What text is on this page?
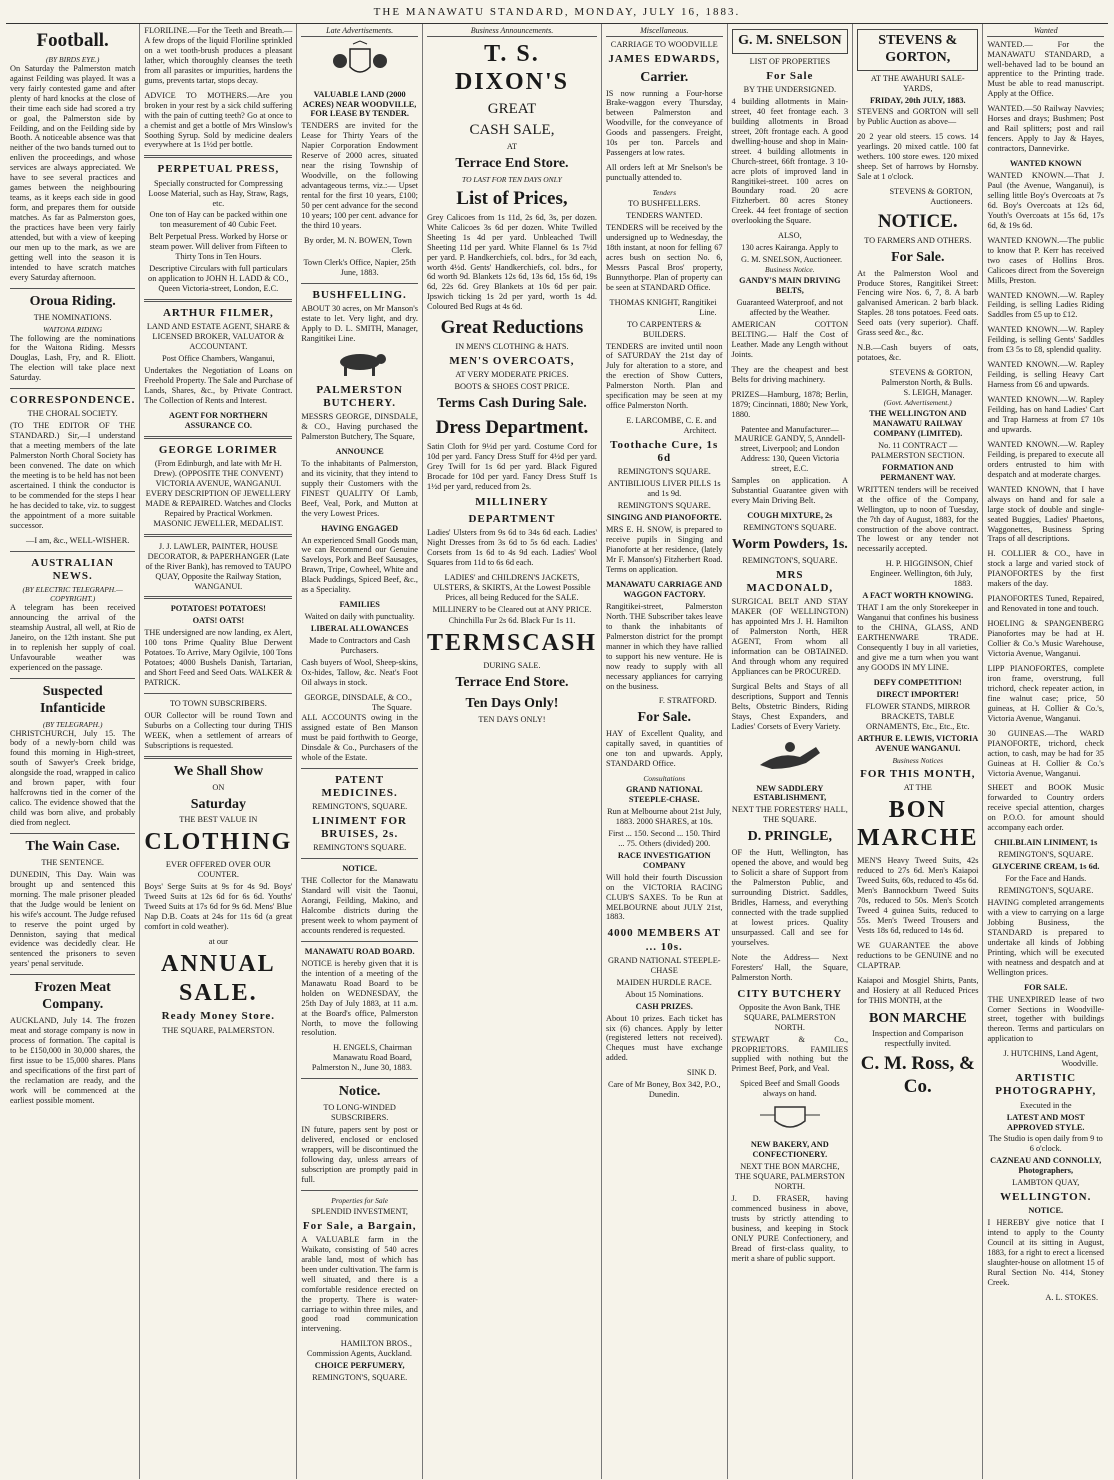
THE MANAWATU STANDARD, MONDAY, JULY 16, 1883.
Football.
(BY BIRDS EYE.)
On Saturday the Palmerston match against Feilding was played. It was a very fairly contested game and after plenty of hard knocks at the close of their time each side had scored a try or goal, the Palmerston side by Feilding, and on the Feilding side by Booth. A noticeable absence was that neither of the two bands turned out to enliven the proceedings, and whose services are always appreciated. We have to see several practices and games between the neighbouring teams, as it keeps each side in good form, and prepares them for outside matches. As far as Palmerston goes, the practices have been very fairly attended, but with a view of keeping our men up to the mark, as we are getting well into the season it is intended to have scratch matches every Saturday afternoon.
Oroua Riding.
THE NOMINATIONS.
WAITONA RIDING
The following are the nominations for the Waitona Riding. Messrs Douglas, Lash, Fry, and R. Eliott. The election will take place next Saturday.
CORRESPONDENCE.
THE CHORAL SOCIETY.
(TO THE EDITOR OF THE STANDARD.) Sir,—I understand that a meeting members of the late Palmerston North Choral Society has been convened. The date on which the meeting is to be held has not been ascertained. I think the conductor is to be commended for the steps I hear he has decided to take, viz. to suggest the appointment of a more suitable successor.
—I am, &c., WELL-WISHER.
AUSTRALIAN NEWS.
(BY ELECTRIC TELEGRAPH.—COPYRIGHT.)
A telegram has been received announcing the arrival of the steamship Austral, all well, at Rio de Janeiro, on the 12th instant. She put in to replenish her supply of coal. Unfavourable weather was experienced on the passage.
Suspected Infanticide
(BY TELEGRAPH.)
CHRISTCHURCH, July 15. The body of a newly-born child was found this morning in High-street, south of Sawyer's Creek bridge, alongside the road, wrapped in calico and brown paper, with four halfcrowns tied in the corner of the calico. The evidence showed that the child was born alive, and probably died from neglect.
The Wain Case.
THE SENTENCE.
DUNEDIN, This Day. Wain was brought up and sentenced this morning. The male prisoner pleaded that the Judge would be lenient on his wife's account. The Judge refused to reserve the point urged by Denniston, saying that medical evidence was decidedly clear. He sentenced the prisoners to seven years' penal servitude.
Frozen Meat Company.
AUCKLAND, July 14. The frozen meat and storage company is now in process of formation. The capital is to be £150,000 in 30,000 shares, the first issue to be 15,000 shares. Plans and specifications of the first part of the reclamation are ready, and the work will be commenced at the earliest possible moment.
FLORILINE.—For the Teeth and Breath.—A few drops of the liquid Floriline sprinkled on a wet tooth-brush produces a pleasant lather, which thoroughly cleanses the teeth from all parasites or impurities, hardens the gums, prevents tartar, stops decay.
ADVICE TO MOTHERS.—Are you broken in your rest by a sick child suffering with the pain of cutting teeth? Go at once to a chemist and get a bottle of Mrs Winslow's Soothing Syrup. Sold by medicine dealers everywhere at 1s 1½d per bottle.
PERPETUAL PRESS,
Specially constructed for Compressing Loose Material, such as Hay, Straw, Rags, etc.
One ton of Hay can be packed within one ton measurement of 40 Cubic Feet.
Belt Perpetual Press. Worked by Horse or steam power. Will deliver from Fifteen to Thirty Tons in Ten Hours.
Descriptive Circulars with full particulars on application to JOHN H. LADD & CO., Queen Victoria-street, London, E.C.
ARTHUR FILMER,
LAND AND ESTATE AGENT, SHARE & LICENSED BROKER, VALUATOR & ACCOUNTANT.
Post Office Chambers, Wanganui,
Undertakes the Negotiation of Loans on Freehold Property. The Sale and Purchase of Lands, Shares, &c., by Private Contract. The Collection of Rents and Interest.
AGENT FOR NORTHERN ASSURANCE CO.
GEORGE LORIMER
(From Edinburgh, and late with Mr H. Drew). (OPPOSITE THE CONVENT) VICTORIA AVENUE, WANGANUI. EVERY DESCRIPTION OF JEWELLERY MADE & REPAIRED. Watches and Clocks Repaired by Practical Workmen. MASONIC JEWELLER, MEDALIST.
J. J. LAWLER, PAINTER, HOUSE DECORATOR, & PAPERHANGER (Late of the River Bank), has removed to TAUPO QUAY, Opposite the Railway Station, WANGANUI.
POTATOES! POTATOES!
OATS! OATS!
THE undersigned are now landing, ex Alert, 100 tons Prime Quality Blue Derwent Potatoes. To Arrive, Mary Ogilvie, 100 Tons Potatoes; 4000 Bushels Danish, Tartarian, and Short Feed and Seed Oats. WALKER & PATRICK.
TO TOWN SUBSCRIBERS.
OUR Collector will be round Town and Suburbs on a Collecting tour during THIS WEEK, when a settlement of arrears of Subscriptions is requested.
We Shall Show
ON
Saturday
THE BEST VALUE IN
CLOTHING
EVER OFFERED OVER OUR COUNTER.
Boys' Serge Suits at 9s for 4s 9d. Boys' Tweed Suits at 12s 6d for 6s 6d. Youths' Tweed Suits at 17s 6d for 9s 6d. Mens' Blue Nap D.B. Coats at 24s for 11s 6d (a great comfort in cold weather).
at our
ANNUAL SALE.
Ready Money Store.
THE SQUARE, PALMERSTON.
Late Advertisements.
VALUABLE LAND (2000 ACRES) NEAR WOODVILLE, FOR LEASE BY TENDER.
TENDERS are invited for the Lease for Thirty Years of the Napier Corporation Endowment Reserve of 2000 acres, situated near the rising Township of Woodville, on the following advantageous terms, viz.:— Upset rental for the first 10 years, £100; 50 per cent advance for the second 10 years; 100 per cent. advance for the third 10 years.
By order, M. N. BOWEN, Town Clerk.
Town Clerk's Office, Napier, 25th June, 1883.
BUSHFELLING.
ABOUT 30 acres, on Mr Manson's estate to let. Very light, and dry. Apply to D. L. SMITH, Manager, Rangitikei Line.
PALMERSTON BUTCHERY.
MESSRS GEORGE, DINSDALE, & CO., Having purchased the Palmerston Butchery, The Square,
ANNOUNCE
To the inhabitants of Palmerston, and its vicinity, that they intend to supply their Customers with the FINEST QUALITY Of Lamb, Beef, Veal, Pork, and Mutton at the very Lowest Prices.
HAVING ENGAGED
An experienced Small Goods man, we can Recommend our Genuine Saveloys, Pork and Beef Sausages, Brawn, Tripe, Cowheel, White and Black Puddings, Spiced Beef, &c., as a Speciality.
FAMILIES
Waited on daily with punctuality.
LIBERAL ALLOWANCES
Made to Contractors and Cash Purchasers.
Cash buyers of Wool, Sheep-skins, Ox-hides, Tallow, &c. Neat's Foot Oil always in stock.
GEORGE, DINSDALE, & CO., The Square.
ALL ACCOUNTS owing in the assigned estate of Ben Manson must be paid forthwith to George, Dinsdale & Co., Purchasers of the whole of the Estate.
PATENT MEDICINES.
REMINGTON'S, SQUARE.
LINIMENT FOR BRUISES, 2s.
REMINGTON'S SQUARE.
NOTICE.
THE Collector for the Manawatu Standard will visit the Taonui, Aorangi, Feilding, Makino, and Halcombe districts during the present week to whom payment of accounts rendered is requested.
MANAWATU ROAD BOARD.
NOTICE is hereby given that it is the intention of a meeting of the Manawatu Road Board to be holden on WEDNESDAY, the 25th Day of July 1883, at 11 a.m. at the Board's office, Palmerston North, to move the following resolution.
H. ENGELS, Chairman Manawatu Road Board, Palmerston N., June 30, 1883.
Notice.
TO LONG-WINDED SUBSCRIBERS.
IN future, papers sent by post or delivered, enclosed or enclosed wrappers, will be discontinued the following day, unless arrears of subscription are promptly paid in full.
Properties for Sale
SPLENDID INVESTMENT,
For Sale, a Bargain,
A VALUABLE farm in the Waikato, consisting of 540 acres arable land, most of which has been under cultivation. The farm is well situated, and there is a comfortable residence erected on the property. There is water-carriage to within three miles, and good road communication intervening.
HAMILTON BROS., Commission Agents, Auckland.
CHOICE PERFUMERY,
REMINGTON'S, SQUARE.
Business Announcements.
T. S. DIXON'S
GREAT
CASH SALE,
AT
Terrace End Store.
TO LAST FOR TEN DAYS ONLY
List of Prices,
Grey Calicoes from 1s 11d, 2s 6d, 3s, per dozen. White Calicoes 3s 6d per dozen. White Twilled Sheeting 1s 4d per yard. Unbleached Twill Sheeting 11d per yard. White Flannel 6s 1s 7½d per yard. P. Handkerchiefs, col. bdrs., for 3d each, worth 4½d. Gents' Handkerchiefs, col. bdrs., for 6d worth 9d. Blankets 12s 6d, 13s 6d, 15s 6d, 19s 6d, 22s 6d. Grey Blankets at 10s 6d per pair. Ipswich ticking 1s 2d per yard, worth 1s 4d. Coloured Bed Rugs at 4s 6d.
Great Reductions
IN MEN'S CLOTHING & HATS.
MEN'S OVERCOATS,
AT VERY MODERATE PRICES.
BOOTS & SHOES COST PRICE.
Terms Cash During Sale.
Dress Department.
Satin Cloth for 9½d per yard. Costume Cord for 10d per yard. Fancy Dress Stuff for 4½d per yard. Grey Twill for 1s 6d per yard. Black Figured Brocade for 10d per yard. Fancy Dress Stuff 1s 1½d per yard, reduced from 2s.
MILLINERY
DEPARTMENT
Ladies' Ulsters from 9s 6d to 34s 6d each. Ladies' Night Dresses from 3s 6d to 5s 6d each. Ladies' Corsets from 1s 6d to 4s 9d each. Ladies' Wool Squares from 11d to 6s 6d each.
LADIES' and CHILDREN'S JACKETS, ULSTERS, & SKIRTS, At the Lowest Possible Prices, all being Reduced for the SALE.
MILLINERY to be Cleared out at ANY PRICE.
Chinchilla Fur 2s 6d. Black Fur 1s 11.
TERMSCASH
DURING SALE.
Terrace End Store.
Ten Days Only!
TEN DAYS ONLY!
Miscellaneous.
CARRIAGE TO WOODVILLE
JAMES EDWARDS,
Carrier.
IS now running a Four-horse Brake-waggon every Thursday, between Palmerston and Woodville, for the conveyance of Goods and passengers. Freight, 10s per ton. Parcels and Passengers at low rates.
All orders left at Mr Snelson's be punctually attended to.
Tenders
TO BUSHFELLERS.
TENDERS WANTED.
TENDERS will be received by the undersigned up to Wednesday, the 18th instant, at noon for felling 67 acres bush on section No. 6, Messrs Pascal Bros' property, Bunnythorpe. Plan of property can be seen at STANDARD Office.
THOMAS KNIGHT, Rangitikei Line.
TO CARPENTERS & BUILDERS.
TENDERS are invited until noon of SATURDAY the 21st day of July for alteration to a store, and the erection of Show Cutters, Palmerston North. Plan and specification may be seen at my office Palmerston North.
E. LARCOMBE, C. E. and Architect.
Toothache Cure, 1s 6d
REMINGTON'S SQUARE.
ANTIBILIOUS LIVER PILLS 1s and 1s 9d.
REMINGTON'S SQUARE.
SINGING AND PIANOFORTE.
MRS E. H. SNOW, is prepared to receive pupils in Singing and Pianoforte at her residence, (lately Mr F. Manson's) Fitzherbert Road. Terms on application.
MANAWATU CARRIAGE AND WAGGON FACTORY.
Rangitikei-street, Palmerston North. THE Subscriber takes leave to thank the inhabitants of Palmerston district for the prompt manner in which they have rallied to support his new venture. He is now ready to supply with all necessary appliances for carrying on the business.
F. STRATFORD.
For Sale.
HAY of Excellent Quality, and capitally saved, in quantities of one ton and upwards. Apply, STANDARD Office.
Consultations
GRAND NATIONAL STEEPLE-CHASE.
Run at Melbourne about 21st July, 1883. 2000 SHARES, at 10s.
First ... 150. Second ... 150. Third ... 75. Others (divided) 200.
RACE INVESTIGATION COMPANY
Will hold their fourth Discussion on the VICTORIA RACING CLUB'S SAXES. To be Run at MELBOURNE about JULY 21st, 1883.
4000 MEMBERS AT ... 10s.
GRAND NATIONAL STEEPLE-CHASE
MAIDEN HURDLE RACE.
About 15 Nominations.
CASH PRIZES.
About 10 prizes. Each ticket has six (6) chances. Apply by letter (registered letters not received). Cheques must have exchange added.
SINK D.
Care of Mr Boney, Box 342, P.O., Dunedin.
G. M. SNELSON
LIST OF PROPERTIES
For Sale
BY THE UNDERSIGNED.
4 building allotments in Main-street, 40 feet frontage each. 3 building allotments in Broad street, 20ft frontage each. A good dwelling-house and shop in Main-street. 4 building allotments in Church-street, 66ft frontage. 3 10-acre plots of improved land in Rangitikei-street. 100 acres on Boundary road. 20 acre Fitzherbert. 80 acres Stoney Creek. 44 feet frontage of section overlooking the Square.
ALSO,
130 acres Kairanga. Apply to
G. M. SNELSON, Auctioneer.
Business Notice.
GANDY'S MAIN DRIVING BELTS,
Guaranteed Waterproof, and not affected by the Weather.
AMERICAN COTTON BELTING.— Half the Cost of Leather. Made any Length without Joints.
They are the cheapest and best Belts for driving machinery.
PRIZES—Hamburg, 1878; Berlin, 1879; Cincinnati, 1880; New York, 1880.
Patentee and Manufacturer— MAURICE GANDY, 5, Anndell-street, Liverpool; and London Address: 130, Queen Victoria street, E.C.
Samples on application. A Substantial Guarantee given with every Main Driving Belt.
COUGH MIXTURE, 2s
REMINGTON'S SQUARE.
Worm Powders, 1s.
REMINGTON'S, SQUARE.
MRS MACDONALD,
SURGICAL BELT AND STAY MAKER (OF WELLINGTON) has appointed Mrs J. H. Hamilton of Palmerston North, HER AGENT, From whom all information can be OBTAINED. And through whom any required Appliances can be PROCURED.
Surgical Belts and Stays of all descriptions, Support and Tennis Belts, Obstetric Binders, Riding Stays, Chest Expanders, and Ladies' Corsets of Every Variety.
NEW SADDLERY ESTABLISHMENT,
NEXT THE FORESTERS' HALL, THE SQUARE.
D. PRINGLE,
OF the Hutt, Wellington, has opened the above, and would beg to Solicit a share of Support from the Palmerston Public, and surrounding District. Saddles, Bridles, Harness, and everything connected with the trade supplied at lowest prices. Quality unsurpassed. Call and see for yourselves.
Note the Address— Next Foresters' Hall, the Square, Palmerston North.
CITY BUTCHERY
Opposite the Avon Bank, THE SQUARE, PALMERSTON NORTH.
STEWART & Co., PROPRIETORS. FAMILIES supplied with nothing but the Primest Beef, Pork, and Veal.
Spiced Beef and Small Goods always on hand.
NEW BAKERY, AND CONFECTIONERY.
NEXT THE BON MARCHE, THE SQUARE, PALMERSTON NORTH.
J. D. FRASER, having commenced business in above, trusts by strictly attending to business, and keeping in Stock ONLY PURE Confectionery, and Bread of first-class quality, to merit a share of public support.
STEVENS & GORTON,
AT THE AWAHURI SALE-YARDS,
FRIDAY, 20th JULY, 1883.
STEVENS and GORTON will sell by Public Auction as above—
20 2 year old steers. 15 cows. 14 yearlings. 20 mixed cattle. 100 fat wethers. 100 store ewes. 120 mixed sheep. Set of harrows by Hornsby. Sale at 1 o'clock.
STEVENS & GORTON, Auctioneers.
NOTICE.
TO FARMERS AND OTHERS.
For Sale.
At the Palmerston Wool and Produce Stores, Rangitikei Street: Fencing wire Nos. 6, 7, 8. A barb galvanised American. 2 barb black. Staples. 28 tons potatoes. Feed oats. Seed oats (very superior). Chaff. Grass seed &c., &c.
N.B.—Cash buyers of oats, potatoes, &c.
STEVENS & GORTON, Palmerston North, & Bulls.
S. LEIGH, Manager.
(Govt. Advertisement.)
THE WELLINGTON AND MANAWATU RAILWAY COMPANY (LIMITED).
No. 11 CONTRACT — PALMERSTON SECTION.
FORMATION AND PERMANENT WAY.
WRITTEN tenders will be received at the office of the Company, Wellington, up to noon of Tuesday, the 7th day of August, 1883, for the construction of the above contract. The lowest or any tender not necessarily accepted.
H. P. HIGGINSON, Chief Engineer. Wellington, 6th July, 1883.
A FACT WORTH KNOWING.
THAT I am the only Storekeeper in Wanganui that confines his business to the CHINA, GLASS, AND EARTHENWARE TRADE. Consequently I buy in all varieties, and give me a turn when you want any GOODS IN MY LINE.
DEFY COMPETITION!
DIRECT IMPORTER!
FLOWER STANDS, MIRROR BRACKETS, TABLE ORNAMENTS, Etc., Etc., Etc.
ARTHUR E. LEWIS, VICTORIA AVENUE WANGANUI.
Business Notices
FOR THIS MONTH,
AT THE
BON MARCHE
MEN'S Heavy Tweed Suits, 42s reduced to 27s 6d. Men's Kaiapoi Tweed Suits, 60s, reduced to 45s 6d. Men's Bannockburn Tweed Suits 70s, reduced to 50s. Men's Scotch Tweed 4 guinea Suits, reduced to 55s. Men's Tweed Trousers and Vests 18s 6d, reduced to 14s 6d.
WE GUARANTEE the above reductions to be GENUINE and no CLAPTRAP.
Kaiapoi and Mosgiel Shirts, Pants, and Hosiery at all Reduced Prices for THIS MONTH, at the
BON MARCHE
Inspection and Comparison respectfully invited.
C. M. Ross, & Co.
Wanted
WANTED.— For the MANAWATU STANDARD, a well-behaved lad to be bound an apprentice to the Printing trade. Must be able to read manuscript. Apply at the Office.
WANTED.—50 Railway Navvies; Horses and drays; Bushmen; Post and Rail splitters; post and rail fencers. Apply to Jay & Hayes, contractors, Dannevirke.
WANTED KNOWN
WANTED KNOWN.—That J. Paul (the Avenue, Wanganui), is selling little Boy's Overcoats at 7s 6d. Boy's Overcoats at 12s 6d, Youth's Overcoats at 15s 6d, 17s 6d, & 19s 6d.
WANTED KNOWN.—The public to know that P. Kerr has received two cases of Hollins Bros. Calicoes direct from the Sovereign Mills, Preston.
WANTED KNOWN.—W. Rapley Feilding, is selling Ladies Riding Saddles from £5 up to £12.
WANTED KNOWN.—W. Rapley Feilding, is selling Gents' Saddles from £3 5s to £8, splendid quality.
WANTED KNOWN.—W. Rapley Feilding, is selling Heavy Cart Harness from £6 and upwards.
WANTED KNOWN.—W. Rapley Feilding, has on hand Ladies' Cart and Trap Harness at from £7 10s and upwards.
WANTED KNOWN.—W. Rapley Feilding, is prepared to execute all orders entrusted to him with despatch and at moderate charges.
WANTED KNOWN, that I have always on hand and for sale a large stock of double and single-seated Buggies, Ladies' Phaetons, Waggonettes, Business Spring Traps of all descriptions.
H. COLLIER & CO., have in stock a large and varied stock of PIANOFORTES by the first makers of the day.
PIANOFORTES Tuned, Repaired, and Renovated in tone and touch.
HOELING & SPANGENBERG Pianofortes may be had at H. Collier & Co.'s Music Warehouse, Victoria Avenue, Wanganui.
LIPP PIANOFORTES, complete iron frame, overstrung, full trichord, check repeater action, in fine walnut case; price, 50 guineas, at H. Collier & Co.'s, Victoria Avenue, Wanganui.
30 GUINEAS.—The WARD PIANOFORTE, trichord, check action, to cash, may be had for 35 Guineas at H. Collier & Co.'s Victoria Avenue, Wanganui.
SHEET and BOOK Music forwarded to Country orders receive special attention, charges on P.O.O. for amount should accompany each order.
CHILBLAIN LINIMENT, 1s
REMINGTON'S, SQUARE.
GLYCERINE CREAM, 1s 6d.
For the Face and Hands.
REMINGTON'S, SQUARE.
HAVING completed arrangements with a view to carrying on a large Jobbing Business, the STANDARD is prepared to undertake all kinds of Jobbing Printing, which will be executed with neatness and despatch and at Wellington prices.
FOR SALE.
THE UNEXPIRED lease of two Corner Sections in Woodville-street, together with buildings thereon. Terms and particulars on application to
J. HUTCHINS, Land Agent, Woodville.
ARTISTIC PHOTOGRAPHY,
Executed in the
LATEST AND MOST APPROVED STYLE.
The Studio is open daily from 9 to 6 o'clock.
CAZNEAU AND CONNOLLY, Photographers,
LAMBTON QUAY,
WELLINGTON.
NOTICE.
I HEREBY give notice that I intend to apply to the County Council at its sitting in August, 1883, for a right to erect a licensed slaughter-house on allotment 15 of Rural Section No. 414, Stoney Creek.
A. L. STOKES.
